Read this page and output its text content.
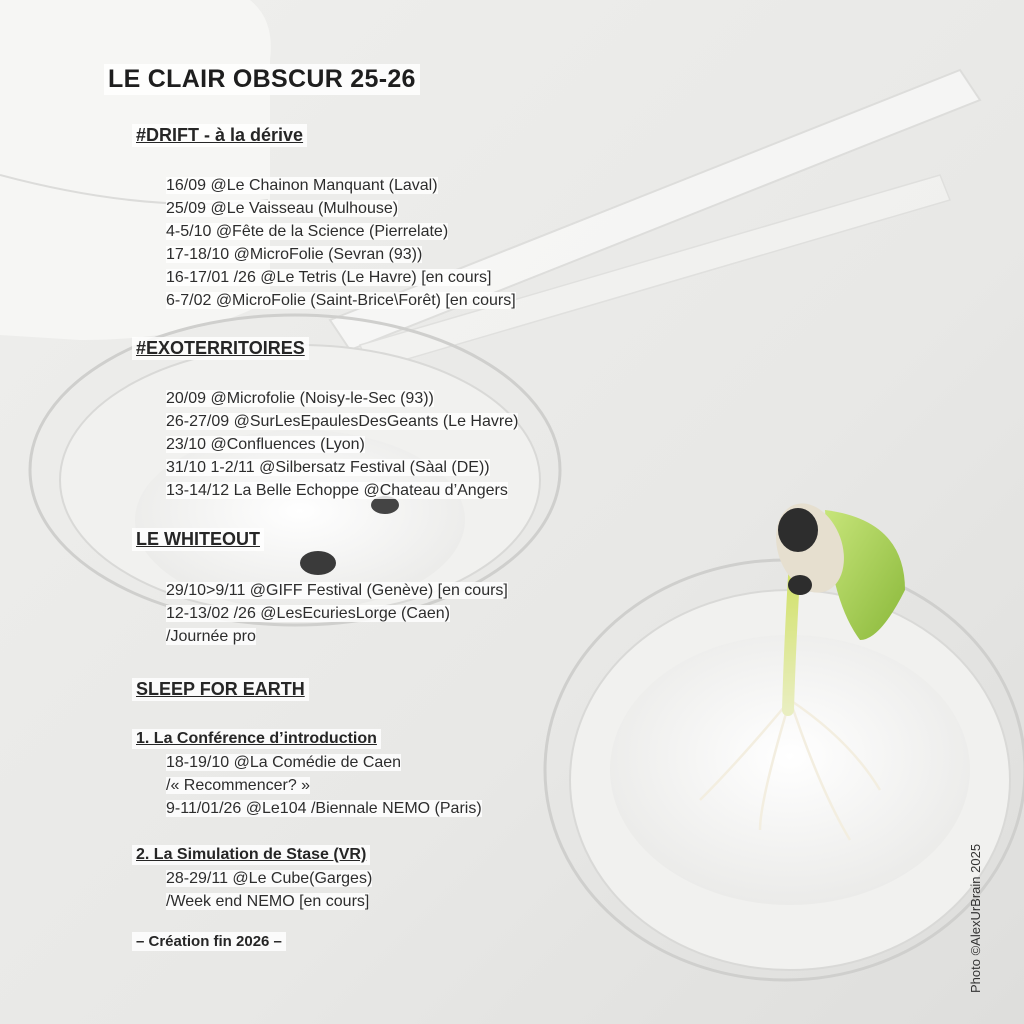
LE CLAIR OBSCUR 25-26
#DRIFT - à la dérive
16/09 @Le Chainon Manquant (Laval)
25/09 @Le Vaisseau (Mulhouse)
4-5/10 @Fête de la Science (Pierrelate)
17-18/10 @MicroFolie (Sevran (93))
16-17/01 /26 @Le Tetris (Le Havre) [en cours]
6-7/02 @MicroFolie (Saint-Brice\Forêt) [en cours]
#EXOTERRITOIRES
20/09 @Microfolie (Noisy-le-Sec (93))
26-27/09 @SurLesEpaulesDesGeants (Le Havre)
23/10 @Confluences (Lyon)
31/10 1-2/11 @Silbersatz Festival (Sàal (DE))
13-14/12 La Belle Echoppe @Chateau d’Angers
LE WHITEOUT
29/10>9/11 @GIFF Festival (Genève) [en cours]
12-13/02 /26 @LesEcuriesLorge (Caen)
/Journée pro
SLEEP FOR EARTH
1. La Conférence d’introduction
18-19/10 @La Comédie de Caen
/« Recommencer? »
9-11/01/26 @Le104 /Biennale NEMO (Paris)
2. La Simulation de Stase (VR)
28-29/11 @Le Cube(Garges)
/Week end NEMO [en cours]
– Création fin 2026 –	Photo ©AlexUrBrain 2025
